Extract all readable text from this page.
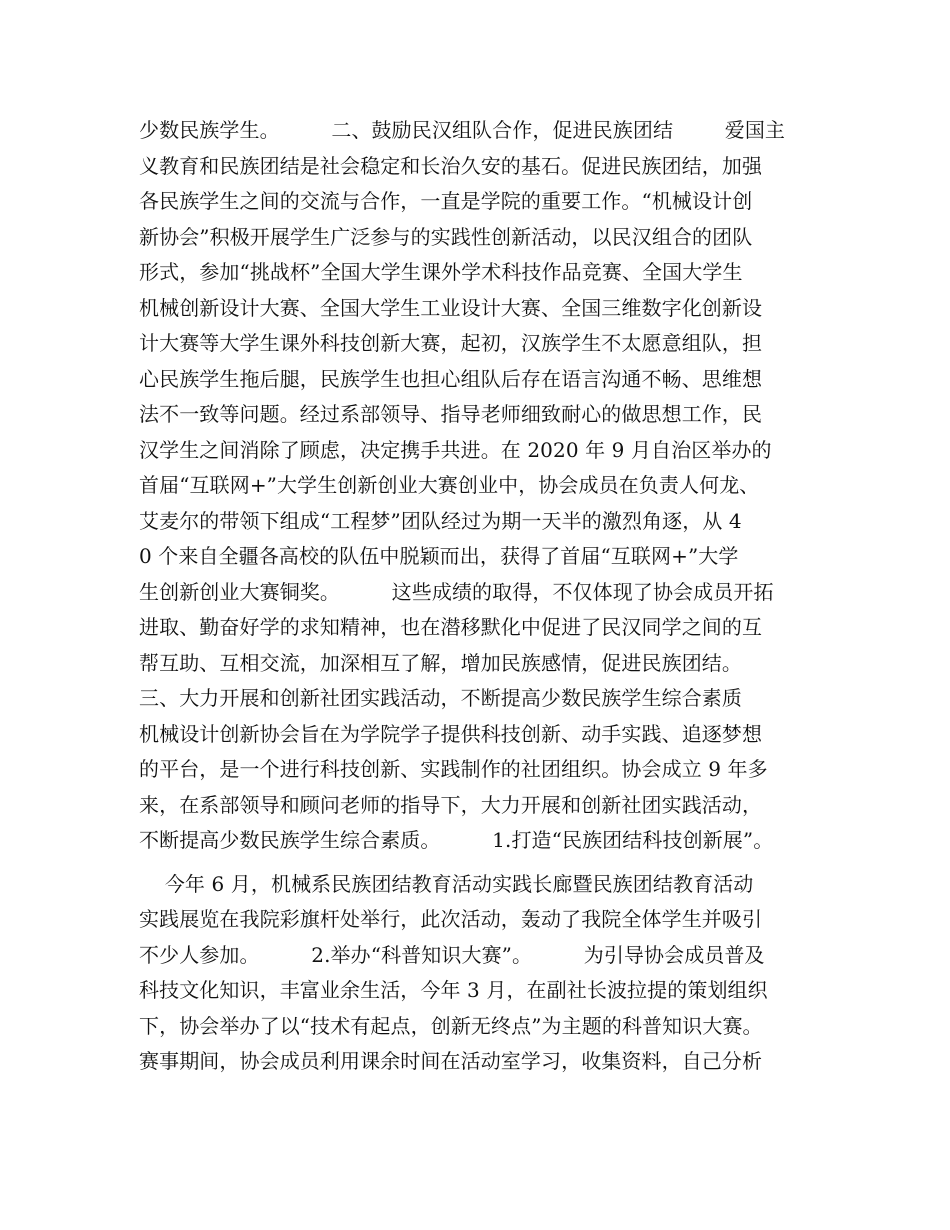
少数民族学生。        二、鼓励民汉组队合作，促进民族团结        爱国主
义教育和民族团结是社会稳定和长治久安的基石。促进民族团结，加强
各民族学生之间的交流与合作，一直是学院的重要工作。“机械设计创
新协会”积极开展学生广泛参与的实践性创新活动，以民汉组合的团队
形式，参加“挑战杯”全国大学生课外学术科技作品竞赛、全国大学生
机械创新设计大赛、全国大学生工业设计大赛、全国三维数字化创新设
计大赛等大学生课外科技创新大赛，起初，汉族学生不太愿意组队，担
心民族学生拖后腿，民族学生也担心组队后存在语言沟通不畅、思维想
法不一致等问题。经过系部领导、指导老师细致耐心的做思想工作，民
汉学生之间消除了顾虑，决定携手共进。在 2020 年 9 月自治区举办的
首届“互联网+”大学生创新创业大赛创业中，协会成员在负责人何龙、
艾麦尔的带领下组成“工程梦”团队经过为期一天半的激烈角逐，从 4
0 个来自全疆各高校的队伍中脱颖而出，获得了首届“互联网+”大学
生创新创业大赛铜奖。        这些成绩的取得，不仅体现了协会成员开拓
进取、勤奋好学的求知精神，也在潜移默化中促进了民汉同学之间的互
帮互助、互相交流，加深相互了解，增加民族感情，促进民族团结。
三、大力开展和创新社团实践活动，不断提高少数民族学生综合素质
机械设计创新协会旨在为学院学子提供科技创新、动手实践、追逐梦想
的平台，是一个进行科技创新、实践制作的社团组织。协会成立 9 年多
来，在系部领导和顾问老师的指导下，大力开展和创新社团实践活动，
不断提高少数民族学生综合素质。        1.打造“民族团结科技创新展”。
今年 6 月，机械系民族团结教育活动实践长廊暨民族团结教育活动
实践展览在我院彩旗杆处举行，此次活动，轰动了我院全体学生并吸引
不少人参加。        2.举办“科普知识大赛”。        为引导协会成员普及
科技文化知识，丰富业余生活，今年 3 月，在副社长波拉提的策划组织
下，协会举办了以“技术有起点，创新无终点”为主题的科普知识大赛。
赛事期间，协会成员利用课余时间在活动室学习，收集资料，自己分析
